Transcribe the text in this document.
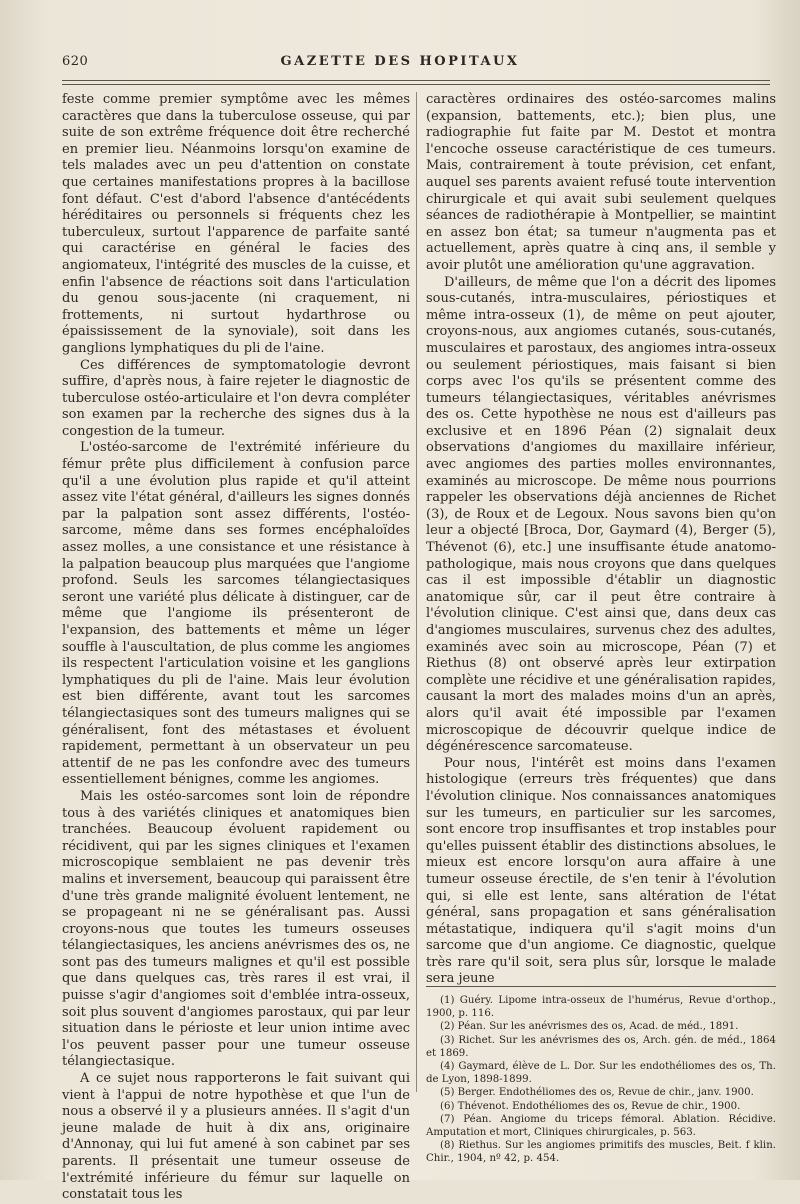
620	GAZETTE DES HOPITAUX

feste comme premier symptôme avec les mêmes caractères que dans la tuberculose osseuse, qui par suite de son extrême fréquence doit être recherché en premier lieu. Néanmoins lorsqu'on examine de tels malades avec un peu d'attention on constate que certaines manifestations propres à la bacillose font défaut. C'est d'abord l'absence d'antécédents héréditaires ou personnels si fréquents chez les tuberculeux, surtout l'apparence de parfaite santé qui caractérise en général le facies des angiomateux, l'intégrité des muscles de la cuisse, et enfin l'absence de réactions soit dans l'articulation du genou sous-jacente (ni craquement, ni frottements, ni surtout hydarthrose ou épaississement de la synoviale), soit dans les ganglions lymphatiques du pli de l'aine.

Ces différences de symptomatologie devront suffire, d'après nous, à faire rejeter le diagnostic de tuberculose ostéo-articulaire et l'on devra compléter son examen par la recherche des signes dus à la congestion de la tumeur.

L'ostéo-sarcome de l'extrémité inférieure du fémur prête plus difficilement à confusion parce qu'il a une évolution plus rapide et qu'il atteint assez vite l'état général, d'ailleurs les signes donnés par la palpation sont assez différents, l'ostéo-sarcome, même dans ses formes encéphaloïdes assez molles, a une consistance et une résistance à la palpation beaucoup plus marquées que l'angiome profond. Seuls les sarcomes télangiectasiques seront une variété plus délicate à distinguer, car de même que l'angiome ils présenteront de l'expansion, des battements et même un léger souffle à l'auscultation, de plus comme les angiomes ils respectent l'articulation voisine et les ganglions lymphatiques du pli de l'aine. Mais leur évolution est bien différente, avant tout les sarcomes télangiectasiques sont des tumeurs malignes qui se généralisent, font des métastases et évoluent rapidement, permettant à un observateur un peu attentif de ne pas les confondre avec des tumeurs essentiellement bénignes, comme les angiomes.

Mais les ostéo-sarcomes sont loin de répondre tous à des variétés cliniques et anatomiques bien tranchées. Beaucoup évoluent rapidement ou récidivent, qui par les signes cliniques et l'examen microscopique semblaient ne pas devenir très malins et inversement, beaucoup qui paraissent être d'une très grande malignité évoluent lentement, ne se propageant ni ne se généralisant pas. Aussi croyons-nous que toutes les tumeurs osseuses télangiectasiques, les anciens anévrismes des os, ne sont pas des tumeurs malignes et qu'il est possible que dans quelques cas, très rares il est vrai, il puisse s'agir d'angiomes soit d'emblée intra-osseux, soit plus souvent d'angiomes parostaux, qui par leur situation dans le périoste et leur union intime avec l'os peuvent passer pour une tumeur osseuse télangiectasique.

A ce sujet nous rapporterons le fait suivant qui vient à l'appui de notre hypothèse et que l'un de nous a observé il y a plusieurs années. Il s'agit d'un jeune malade de huit à dix ans, originaire d'Annonay, qui lui fut amené à son cabinet par ses parents. Il présentait une tumeur osseuse de l'extrémité inférieure du fémur sur laquelle on constatait tous les

caractères ordinaires des ostéo-sarcomes malins (expansion, battements, etc.); bien plus, une radiographie fut faite par M. Destot et montra l'encoche osseuse caractéristique de ces tumeurs. Mais, contrairement à toute prévision, cet enfant, auquel ses parents avaient refusé toute intervention chirurgicale et qui avait subi seulement quelques séances de radiothérapie à Montpellier, se maintint en assez bon état; sa tumeur n'augmenta pas et actuellement, après quatre à cinq ans, il semble y avoir plutôt une amélioration qu'une aggravation.

D'ailleurs, de même que l'on a décrit des lipomes sous-cutanés, intra-musculaires, périostiques et même intra-osseux (1), de même on peut ajouter, croyons-nous, aux angiomes cutanés, sous-cutanés, musculaires et parostaux, des angiomes intra-osseux ou seulement périostiques, mais faisant si bien corps avec l'os qu'ils se présentent comme des tumeurs télangiectasiques, véritables anévrismes des os. Cette hypothèse ne nous est d'ailleurs pas exclusive et en 1896 Péan (2) signalait deux observations d'angiomes du maxillaire inférieur, avec angiomes des parties molles environnantes, examinés au microscope. De même nous pourrions rappeler les observations déjà anciennes de Richet (3), de Roux et de Legoux. Nous savons bien qu'on leur a objecté [Broca, Dor, Gaymard (4), Berger (5), Thévenot (6), etc.] une insuffisante étude anatomo-pathologique, mais nous croyons que dans quelques cas il est impossible d'établir un diagnostic anatomique sûr, car il peut être contraire à l'évolution clinique. C'est ainsi que, dans deux cas d'angiomes musculaires, survenus chez des adultes, examinés avec soin au microscope, Péan (7) et Riethus (8) ont observé après leur extirpation complète une récidive et une généralisation rapides, causant la mort des malades moins d'un an après, alors qu'il avait été impossible par l'examen microscopique de découvrir quelque indice de dégénérescence sarcomateuse.

Pour nous, l'intérêt est moins dans l'examen histologique (erreurs très fréquentes) que dans l'évolution clinique. Nos connaissances anatomiques sur les tumeurs, en particulier sur les sarcomes, sont encore trop insuffisantes et trop instables pour qu'elles puissent établir des distinctions absolues, le mieux est encore lorsqu'on aura affaire à une tumeur osseuse érectile, de s'en tenir à l'évolution qui, si elle est lente, sans altération de l'état général, sans propagation et sans généralisation métastatique, indiquera qu'il s'agit moins d'un sarcome que d'un angiome. Ce diagnostic, quelque très rare qu'il soit, sera plus sûr, lorsque le malade sera jeune

(1) Guéry. Lipome intra-osseux de l'humérus, Revue d'orthop., 1900, p. 116.

(2) Péan. Sur les anévrismes des os, Acad. de méd., 1891.

(3) Richet. Sur les anévrismes des os, Arch. gén. de méd., 1864 et 1869.

(4) Gaymard, élève de L. Dor. Sur les endothéliomes des os, Th. de Lyon, 1898-1899.

(5) Berger. Endothéliomes des os, Revue de chir., janv. 1900.

(6) Thévenot. Endothéliomes des os, Revue de chir., 1900.

(7) Péan. Angiome du triceps fémoral. Ablation. Récidive. Amputation et mort, Cliniques chirurgicales, p. 563.

(8) Riethus. Sur les angiomes primitifs des muscles, Beit. f klin. Chir., 1904, nº 42, p. 454.
